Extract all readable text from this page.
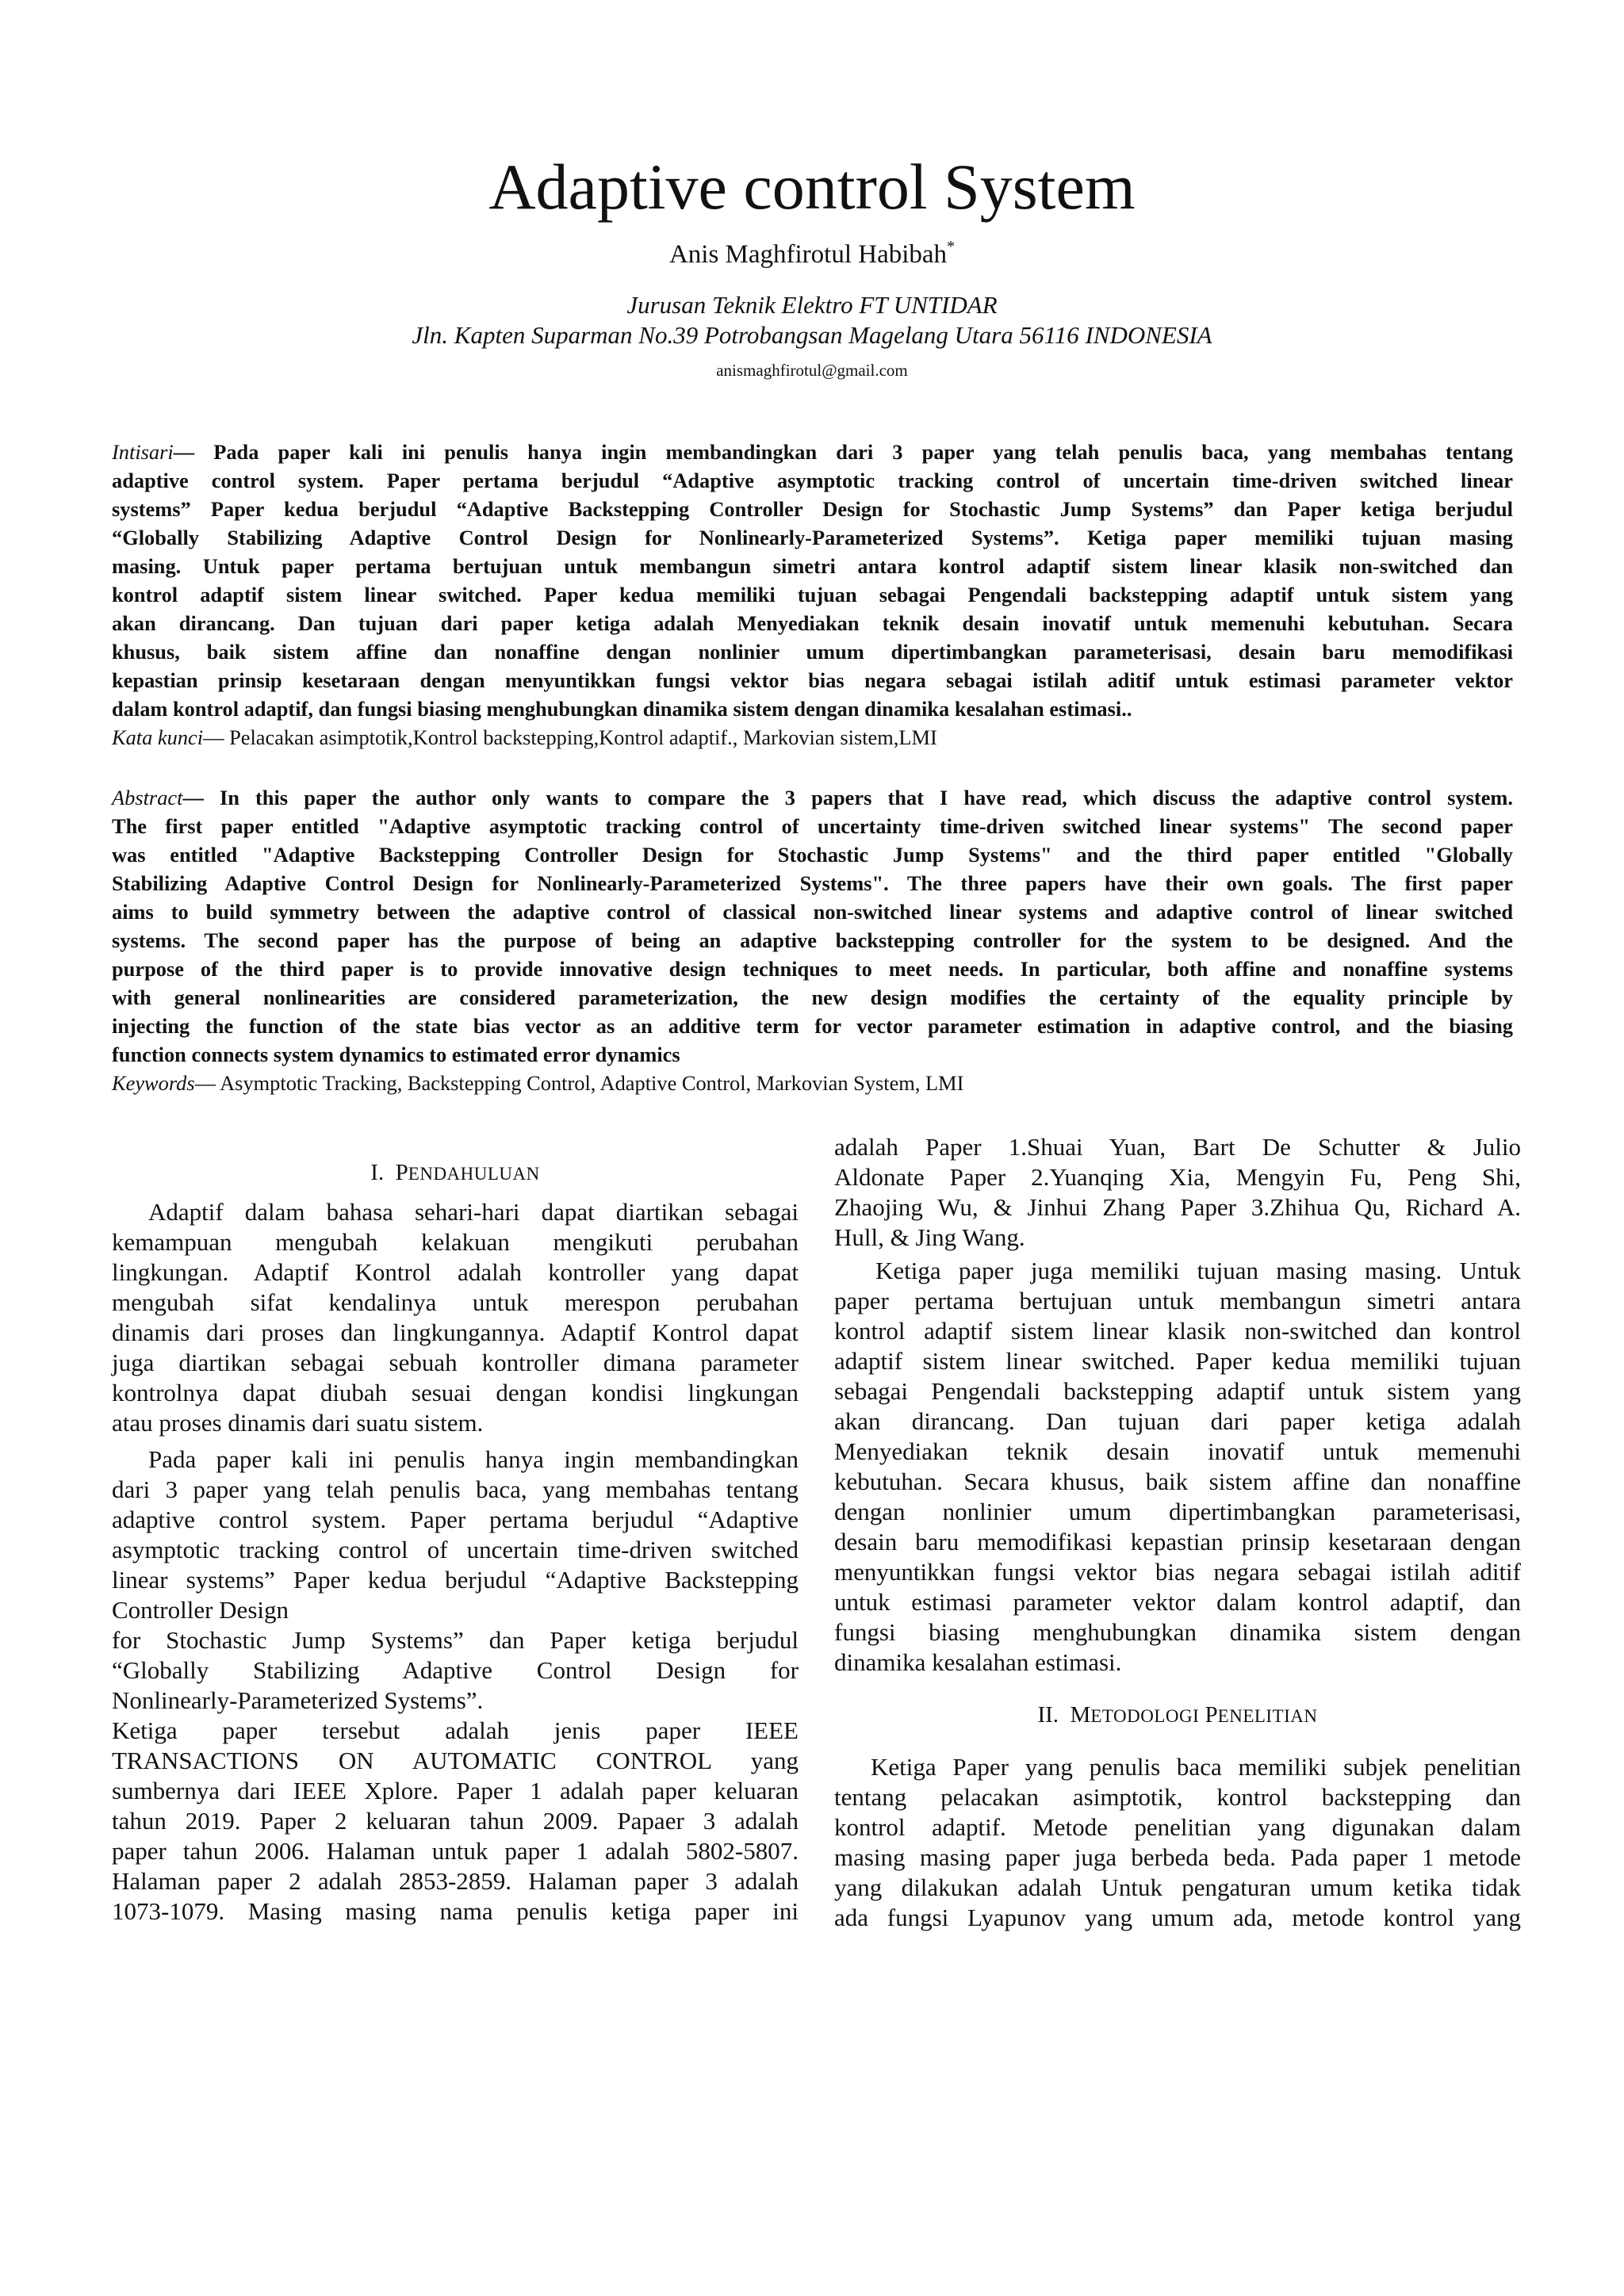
Adaptive control System
Anis Maghfirotul Habibah*
Jurusan Teknik Elektro FT UNTIDAR
Jln. Kapten Suparman No.39 Potrobangsan Magelang Utara 56116 INDONESIA
anismaghfirotul@gmail.com
Intisari— Pada paper kali ini penulis hanya ingin membandingkan dari 3 paper yang telah penulis baca, yang membahas tentang
adaptive control system. Paper pertama berjudul “Adaptive asymptotic tracking control of uncertain time-driven switched linear
systems” Paper kedua berjudul “Adaptive Backstepping Controller Design for Stochastic Jump Systems” dan Paper ketiga berjudul
“Globally Stabilizing Adaptive Control Design for Nonlinearly-Parameterized Systems”. Ketiga paper memiliki tujuan masing
masing. Untuk paper pertama bertujuan untuk membangun simetri antara kontrol adaptif sistem linear klasik non-switched dan
kontrol adaptif sistem linear switched. Paper kedua memiliki tujuan sebagai Pengendali backstepping adaptif untuk sistem yang
akan dirancang. Dan tujuan dari paper ketiga adalah Menyediakan teknik desain inovatif untuk memenuhi kebutuhan. Secara
khusus, baik sistem affine dan nonaffine dengan nonlinier umum dipertimbangkan parameterisasi, desain baru memodifikasi
kepastian prinsip kesetaraan dengan menyuntikkan fungsi vektor bias negara sebagai istilah aditif untuk estimasi parameter vektor
dalam kontrol adaptif, dan fungsi biasing menghubungkan dinamika sistem dengan dinamika kesalahan estimasi..
Kata kunci— Pelacakan asimptotik,Kontrol backstepping,Kontrol adaptif., Markovian sistem,LMI
Abstract— In this paper the author only wants to compare the 3 papers that I have read, which discuss the adaptive control system.
The first paper entitled "Adaptive asymptotic tracking control of uncertainty time-driven switched linear systems" The second paper
was entitled "Adaptive Backstepping Controller Design for Stochastic Jump Systems" and the third paper entitled "Globally
Stabilizing Adaptive Control Design for Nonlinearly-Parameterized Systems". The three papers have their own goals. The first paper
aims to build symmetry between the adaptive control of classical non-switched linear systems and adaptive control of linear switched
systems. The second paper has the purpose of being an adaptive backstepping controller for the system to be designed. And the
purpose of the third paper is to provide innovative design techniques to meet needs. In particular, both affine and nonaffine systems
with general nonlinearities are considered parameterization, the new design modifies the certainty of the equality principle by
injecting the function of the state bias vector as an additive term for vector parameter estimation in adaptive control, and the biasing
function connects system dynamics to estimated error dynamics
Keywords— Asymptotic Tracking, Backstepping Control, Adaptive Control, Markovian System, LMI
I. PENDAHULUAN
Adaptif dalam bahasa sehari-hari dapat diartikan sebagai
kemampuan mengubah kelakuan mengikuti perubahan
lingkungan. Adaptif Kontrol adalah kontroller yang dapat
mengubah sifat kendalinya untuk merespon perubahan
dinamis dari proses dan lingkungannya. Adaptif Kontrol dapat
juga diartikan sebagai sebuah kontroller dimana parameter
kontrolnya dapat diubah sesuai dengan kondisi lingkungan
atau proses dinamis dari suatu sistem.
Pada paper kali ini penulis hanya ingin membandingkan
dari 3 paper yang telah penulis baca, yang membahas tentang
adaptive control system. Paper pertama berjudul “Adaptive
asymptotic tracking control of uncertain time-driven switched
linear systems” Paper kedua berjudul “Adaptive Backstepping
Controller Design
for Stochastic Jump Systems” dan Paper ketiga berjudul
“Globally Stabilizing Adaptive Control Design for
Nonlinearly-Parameterized Systems”.
Ketiga paper tersebut adalah jenis paper IEEE
TRANSACTIONS ON AUTOMATIC CONTROL yang
sumbernya dari IEEE Xplore. Paper 1 adalah paper keluaran
tahun 2019. Paper 2 keluaran tahun 2009. Papaer 3 adalah
paper tahun 2006. Halaman untuk paper 1 adalah 5802-5807.
Halaman paper 2 adalah 2853-2859. Halaman paper 3 adalah
1073-1079. Masing masing nama penulis ketiga paper ini
adalah Paper 1.Shuai Yuan, Bart De Schutter & Julio
Aldonate Paper 2.Yuanqing Xia, Mengyin Fu, Peng Shi,
Zhaojing Wu, & Jinhui Zhang Paper 3.Zhihua Qu, Richard A.
Hull, & Jing Wang.
Ketiga paper juga memiliki tujuan masing masing. Untuk
paper pertama bertujuan untuk membangun simetri antara
kontrol adaptif sistem linear klasik non-switched dan kontrol
adaptif sistem linear switched. Paper kedua memiliki tujuan
sebagai Pengendali backstepping adaptif untuk sistem yang
akan dirancang. Dan tujuan dari paper ketiga adalah
Menyediakan teknik desain inovatif untuk memenuhi
kebutuhan. Secara khusus, baik sistem affine dan nonaffine
dengan nonlinier umum dipertimbangkan parameterisasi,
desain baru memodifikasi kepastian prinsip kesetaraan dengan
menyuntikkan fungsi vektor bias negara sebagai istilah aditif
untuk estimasi parameter vektor dalam kontrol adaptif, dan
fungsi biasing menghubungkan dinamika sistem dengan
dinamika kesalahan estimasi.
Ketiga Paper yang penulis baca memiliki subjek penelitian
tentang pelacakan asimptotik, kontrol backstepping dan
kontrol adaptif. Metode penelitian yang digunakan dalam
masing masing paper juga berbeda beda. Pada paper 1 metode
yang dilakukan adalah Untuk pengaturan umum ketika tidak
ada fungsi Lyapunov yang umum ada, metode kontrol yang
II. METODOLOGI PENELITIAN
